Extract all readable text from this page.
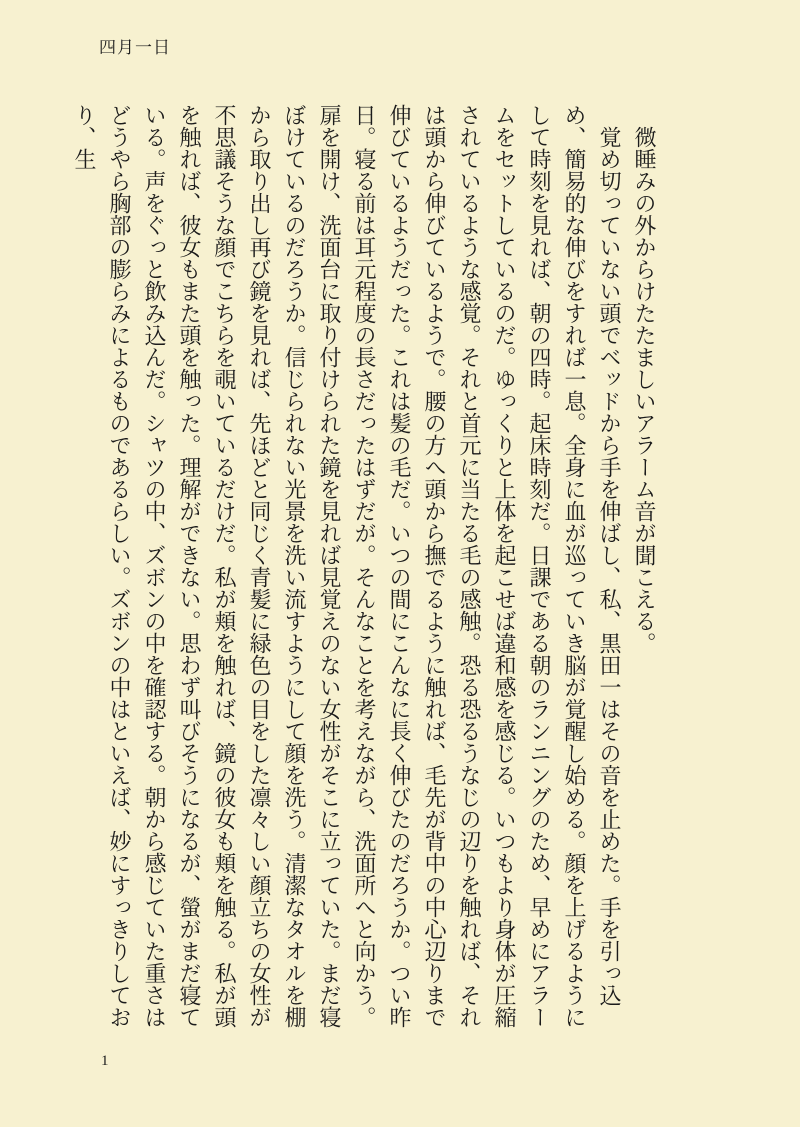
四月一日

微睡みの外からけたたましいアラーム音が聞こえる。

覚め切っていない頭でベッドから手を伸ばし、私、黒田一はその音を止めた。手を引っ込め、簡易的な伸びをすれば一息。全身に血が巡っていき脳が覚醒し始める。顔を上げるようにして時刻を見れば、朝の四時。起床時刻だ。日課である朝のランニングのため、早めにアラームをセットしているのだ。ゆっくりと上体を起こせば違和感を感じる。いつもより身体が圧縮されているような感覚。それと首元に当たる毛の感触。恐る恐るうなじの辺りを触れば、それは頭から伸びているようで。腰の方へ頭から撫でるように触れば、毛先が背中の中心辺りまで伸びているようだった。これは髪の毛だ。いつの間にこんなに長く伸びたのだろうか。つい昨日。寝る前は耳元程度の長さだったはずだが。そんなことを考えながら、洗面所へと向かう。扉を開け、洗面台に取り付けられた鏡を見れば見覚えのない女性がそこに立っていた。まだ寝ぼけているのだろうか。信じられない光景を洗い流すようにして顔を洗う。清潔なタオルを棚から取り出し再び鏡を見れば、先ほどと同じく青髪に緑色の目をした凛々しい顔立ちの女性が不思議そうな顔でこちらを覗いているだけだ。私が頬を触れば、鏡の彼女も頬を触る。私が頭を触れば、彼女もまた頭を触った。理解ができない。思わず叫びそうになるが、螢がまだ寝ている。声をぐっと飲み込んだ。シャツの中、ズボンの中を確認する。朝から感じていた重さはどうやら胸部の膨らみによるものであるらしい。ズボンの中はといえば、妙にすっきりしており、生

1
